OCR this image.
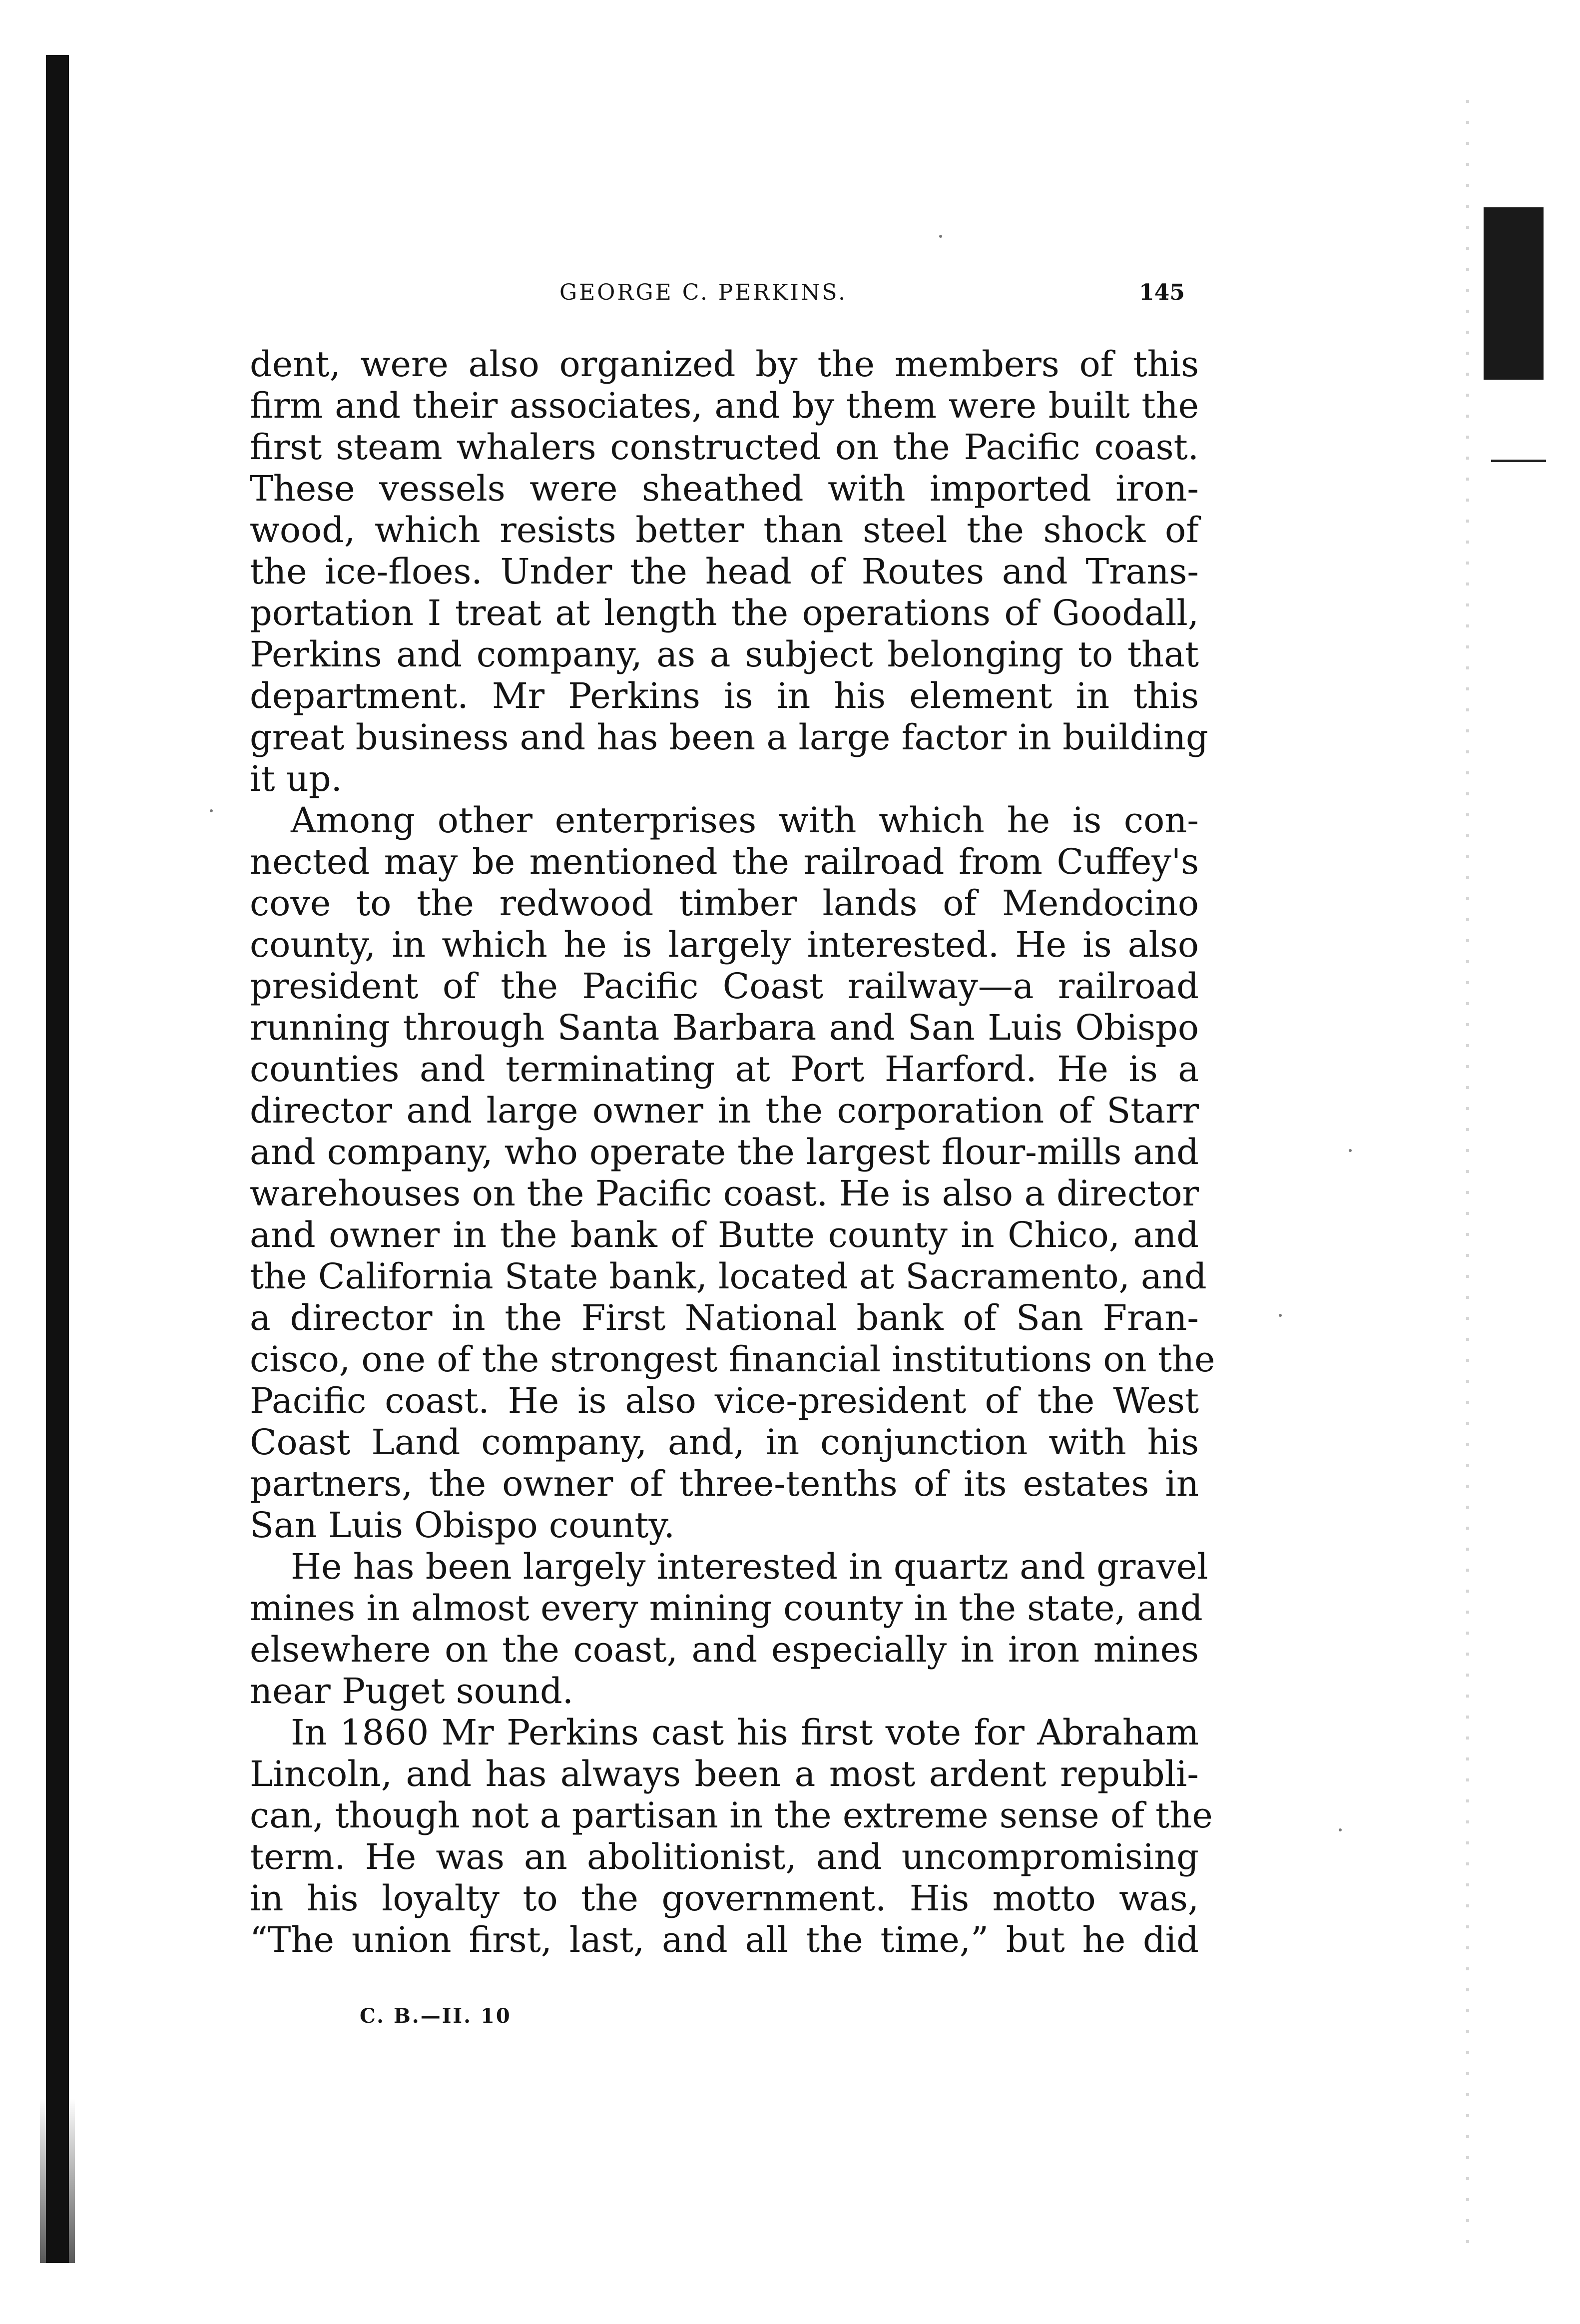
GEORGE C. PERKINS.	145
dent, were also organized by the members of this
firm and their associates, and by them were built the
first steam whalers constructed on the Pacific coast.
These vessels were sheathed with imported iron-
wood, which resists better than steel the shock of
the ice-floes. Under the head of Routes and Trans-
portation I treat at length the operations of Goodall,
Perkins and company, as a subject belonging to that
department. Mr Perkins is in his element in this
great business and has been a large factor in building
it up.
Among other enterprises with which he is con-
nected may be mentioned the railroad from Cuffey's
cove to the redwood timber lands of Mendocino
county, in which he is largely interested. He is also
president of the Pacific Coast railway—a railroad
running through Santa Barbara and San Luis Obispo
counties and terminating at Port Harford. He is a
director and large owner in the corporation of Starr
and company, who operate the largest flour-mills and
warehouses on the Pacific coast. He is also a director
and owner in the bank of Butte county in Chico, and
the California State bank, located at Sacramento, and
a director in the First National bank of San Fran-
cisco, one of the strongest financial institutions on the
Pacific coast. He is also vice-president of the West
Coast Land company, and, in conjunction with his
partners, the owner of three-tenths of its estates in
San Luis Obispo county.
He has been largely interested in quartz and gravel
mines in almost every mining county in the state, and
elsewhere on the coast, and especially in iron mines
near Puget sound.
In 1860 Mr Perkins cast his first vote for Abraham
Lincoln, and has always been a most ardent republi-
can, though not a partisan in the extreme sense of the
term. He was an abolitionist, and uncompromising
in his loyalty to the government. His motto was,
“The union first, last, and all the time,” but he did
C. B.—II. 10
